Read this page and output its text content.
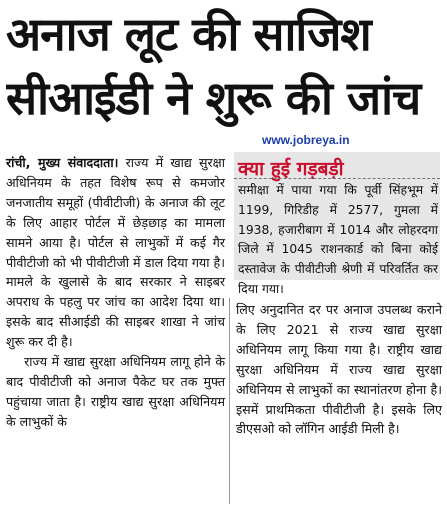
अनाज लूट की साजिश
सीआईडी ने शुरू की जांच
www.jobreya.in

रांची, मुख्य संवाददाता। राज्य में खाद्य सुरक्षा अधिनियम के तहत विशेष रूप से कमजोर जनजातीय समूहों (पीवीटीजी) के अनाज की लूट के लिए आहार पोर्टल में छेड़छाड़ का मामला सामने आया है। पोर्टल से लाभुकों में कई गैर पीवीटीजी को भी पीवीटीजी में डाल दिया गया है। मामले के खुलासे के बाद सरकार ने साइबर अपराध के पहलु पर जांच का आदेश दिया था। इसके बाद सीआईडी की साइबर शाखा ने जांच शुरू कर दी है।

राज्य में खाद्य सुरक्षा अधिनियम लागू होने के बाद पीवीटीजी को अनाज पैकेट घर तक मुफ्त पहुंचाया जाता है। राष्ट्रीय खाद्य सुरक्षा अधिनियम के लाभुकों के

क्या हुई गड़बड़ी
समीक्षा में पाया गया कि पूर्वी सिंहभूम में 1199, गिरिडीह में 2577, गुमला में 1938, हजारीबाग में 1014 और लोहरदगा जिले में 1045 राशनकार्ड को बिना कोई दस्तावेज के पीवीटीजी श्रेणी में परिवर्तित कर दिया गया।
लिए अनुदानित दर पर अनाज उपलब्ध कराने के लिए 2021 से राज्य खाद्य सुरक्षा अधिनियम लागू किया गया है। राष्ट्रीय खाद्य सुरक्षा अधिनियम में राज्य खाद्य सुरक्षा अधिनियम से लाभुकों का स्थानांतरण होना है। इसमें प्राथमिकता पीवीटीजी है। इसके लिए डीएसओ को लॉगिन आईडी मिली है।
